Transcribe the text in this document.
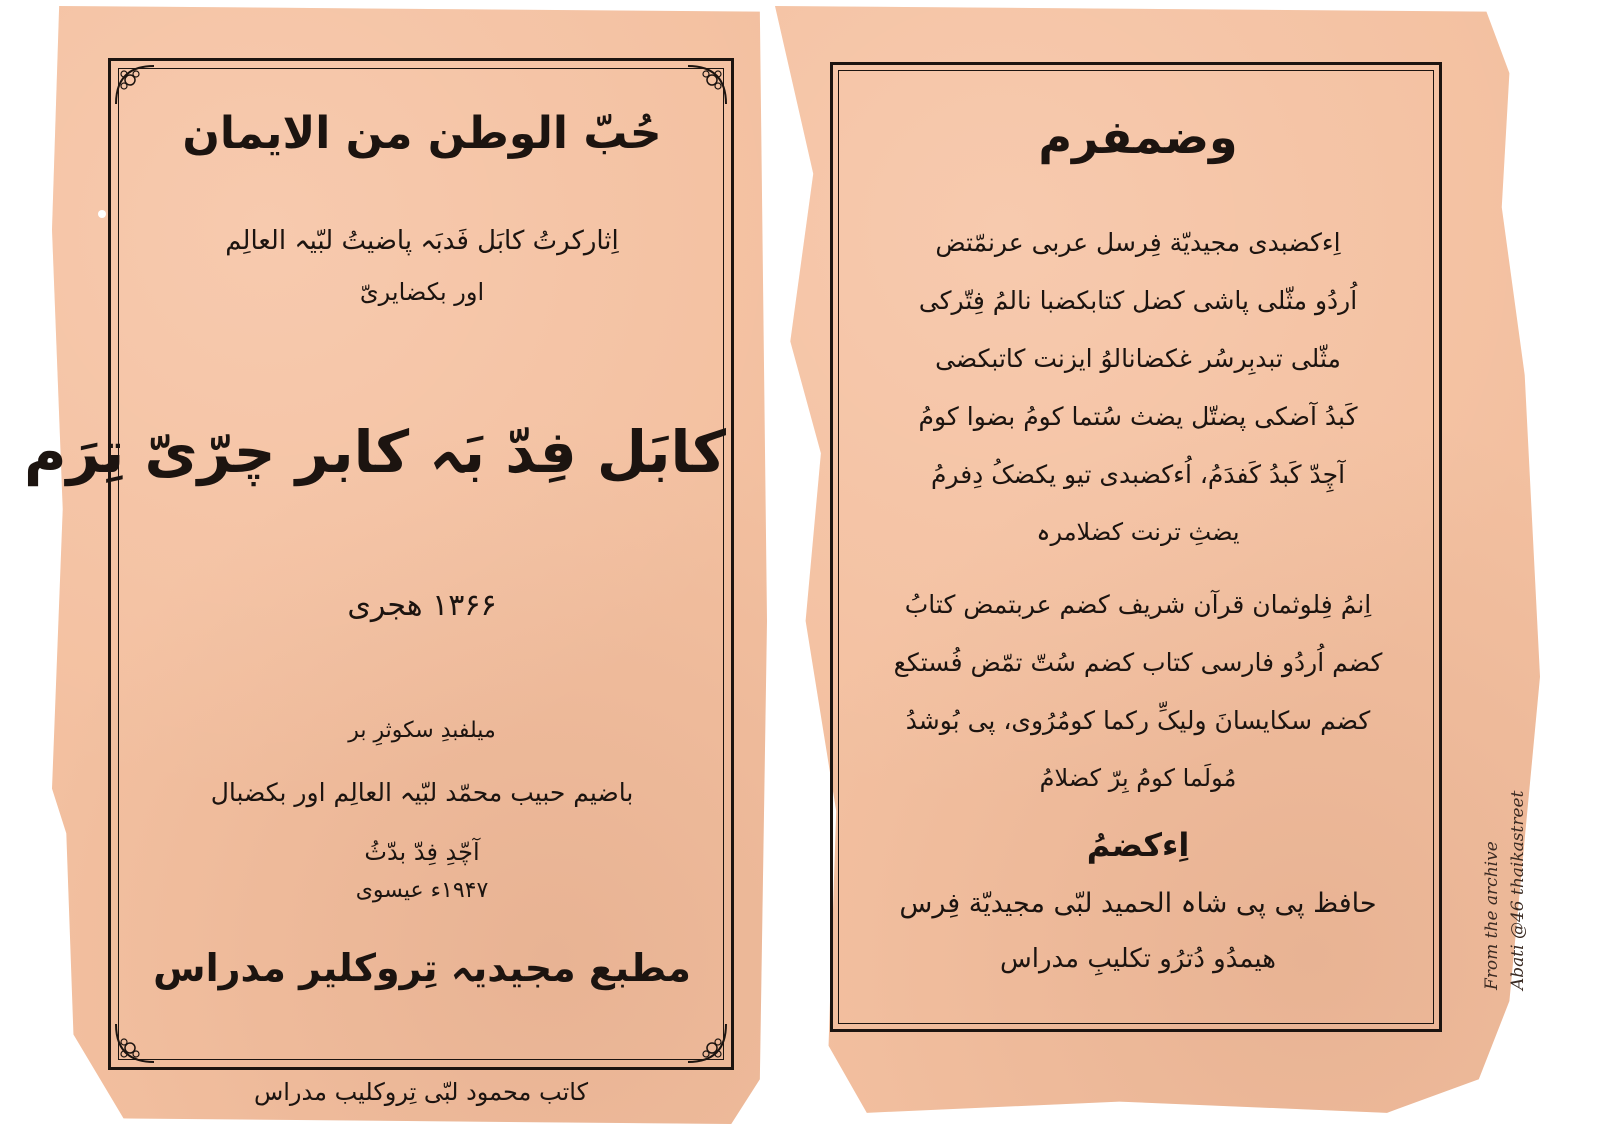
حُبّ الوطن من الایمان
اِثارکرتُ کابَل فَدبَہ پاضیتُ لبّیہ العالِم
اور بکضایریّ
کابَل فِدّ بَہ کابر چرّیّ تِرَم
۱۳۶۶ ھجری
میلفبدِ سکوثرِ بر
باضیم حبیب محمّد لبّیہ العالِم اور بکضبال
آچّدِ فِدّ بدّثُ
۱۹۴۷ء عیسوی
مطبع مجیدیہ تِروکلیر مدراس
کاتب محمود لبّی تِروکلیب مدراس
وضمفرم
اِءکضبدی مجیدیّة فِرسل عربی عرنمّتض
اُردُو مثّلی پاشی کضل کتابکضبا نالمُ فِتّرکی
مثّلی تبدبِرسُر غکضانالوُ ایزنت کاتبکضی
کَبدُ آضکی پضتّل یضث سُتما کومُ بضوا کومُ
آچِدّ کَبدُ کَفدَمُ، اُءکضبدی تیو یکضکُ دِفرمُ
یضثِ ترنت کضلامرہ
اِنمُ فِلوثمان قرآن شریف کضم عربتمض کتابُ
کضم اُردُو فارسی کتاب کضم سُتّ تمّض فُستکع
کضم سکایسانَ ولیکِّ رکما کومُرُوی، پی بُوشدُ
مُولَما کومُ بِرّ کضلامُ
اِءکضمُ
حافظ پی پی شاہ الحمید لبّی مجیدیّة فِرس
ھیمدُو دُترُو تکلیبِ مدراس	From the archive Abati @46 thaikastreet
